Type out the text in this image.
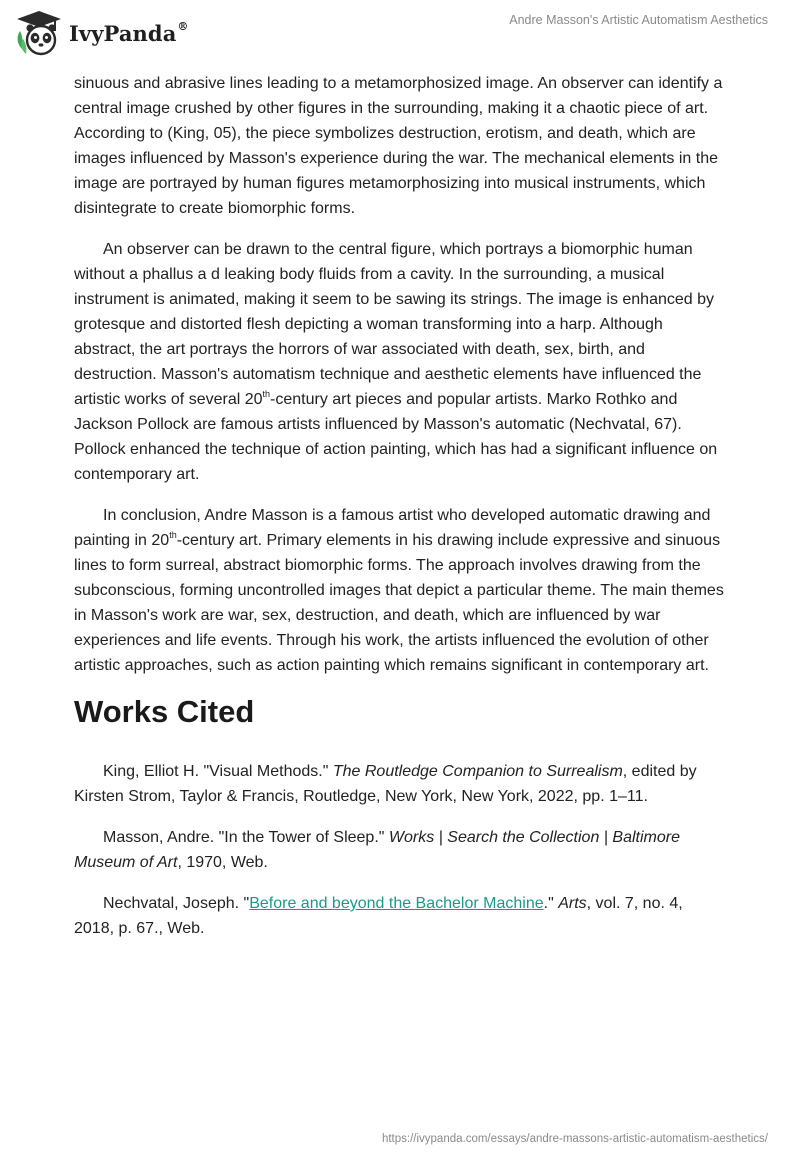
IvyPanda®	Andre Masson's Artistic Automatism Aesthetics

sinuous and abrasive lines leading to a metamorphosized image. An observer can identify a central image crushed by other figures in the surrounding, making it a chaotic piece of art. According to (King, 05), the piece symbolizes destruction, erotism, and death, which are images influenced by Masson's experience during the war. The mechanical elements in the image are portrayed by human figures metamorphosizing into musical instruments, which disintegrate to create biomorphic forms.

An observer can be drawn to the central figure, which portrays a biomorphic human without a phallus a d leaking body fluids from a cavity. In the surrounding, a musical instrument is animated, making it seem to be sawing its strings. The image is enhanced by grotesque and distorted flesh depicting a woman transforming into a harp. Although abstract, the art portrays the horrors of war associated with death, sex, birth, and destruction. Masson's automatism technique and aesthetic elements have influenced the artistic works of several 20th-century art pieces and popular artists. Marko Rothko and Jackson Pollock are famous artists influenced by Masson's automatic (Nechvatal, 67). Pollock enhanced the technique of action painting, which has had a significant influence on contemporary art.

In conclusion, Andre Masson is a famous artist who developed automatic drawing and painting in 20th-century art. Primary elements in his drawing include expressive and sinuous lines to form surreal, abstract biomorphic forms. The approach involves drawing from the subconscious, forming uncontrolled images that depict a particular theme. The main themes in Masson's work are war, sex, destruction, and death, which are influenced by war experiences and life events. Through his work, the artists influenced the evolution of other artistic approaches, such as action painting which remains significant in contemporary art.

Works Cited

King, Elliot H. "Visual Methods." The Routledge Companion to Surrealism, edited by Kirsten Strom, Taylor & Francis, Routledge, New York, New York, 2022, pp. 1–11.

Masson, Andre. "In the Tower of Sleep." Works | Search the Collection | Baltimore Museum of Art, 1970, Web.

Nechvatal, Joseph. "Before and beyond the Bachelor Machine." Arts, vol. 7, no. 4, 2018, p. 67., Web.

https://ivypanda.com/essays/andre-massons-artistic-automatism-aesthetics/
